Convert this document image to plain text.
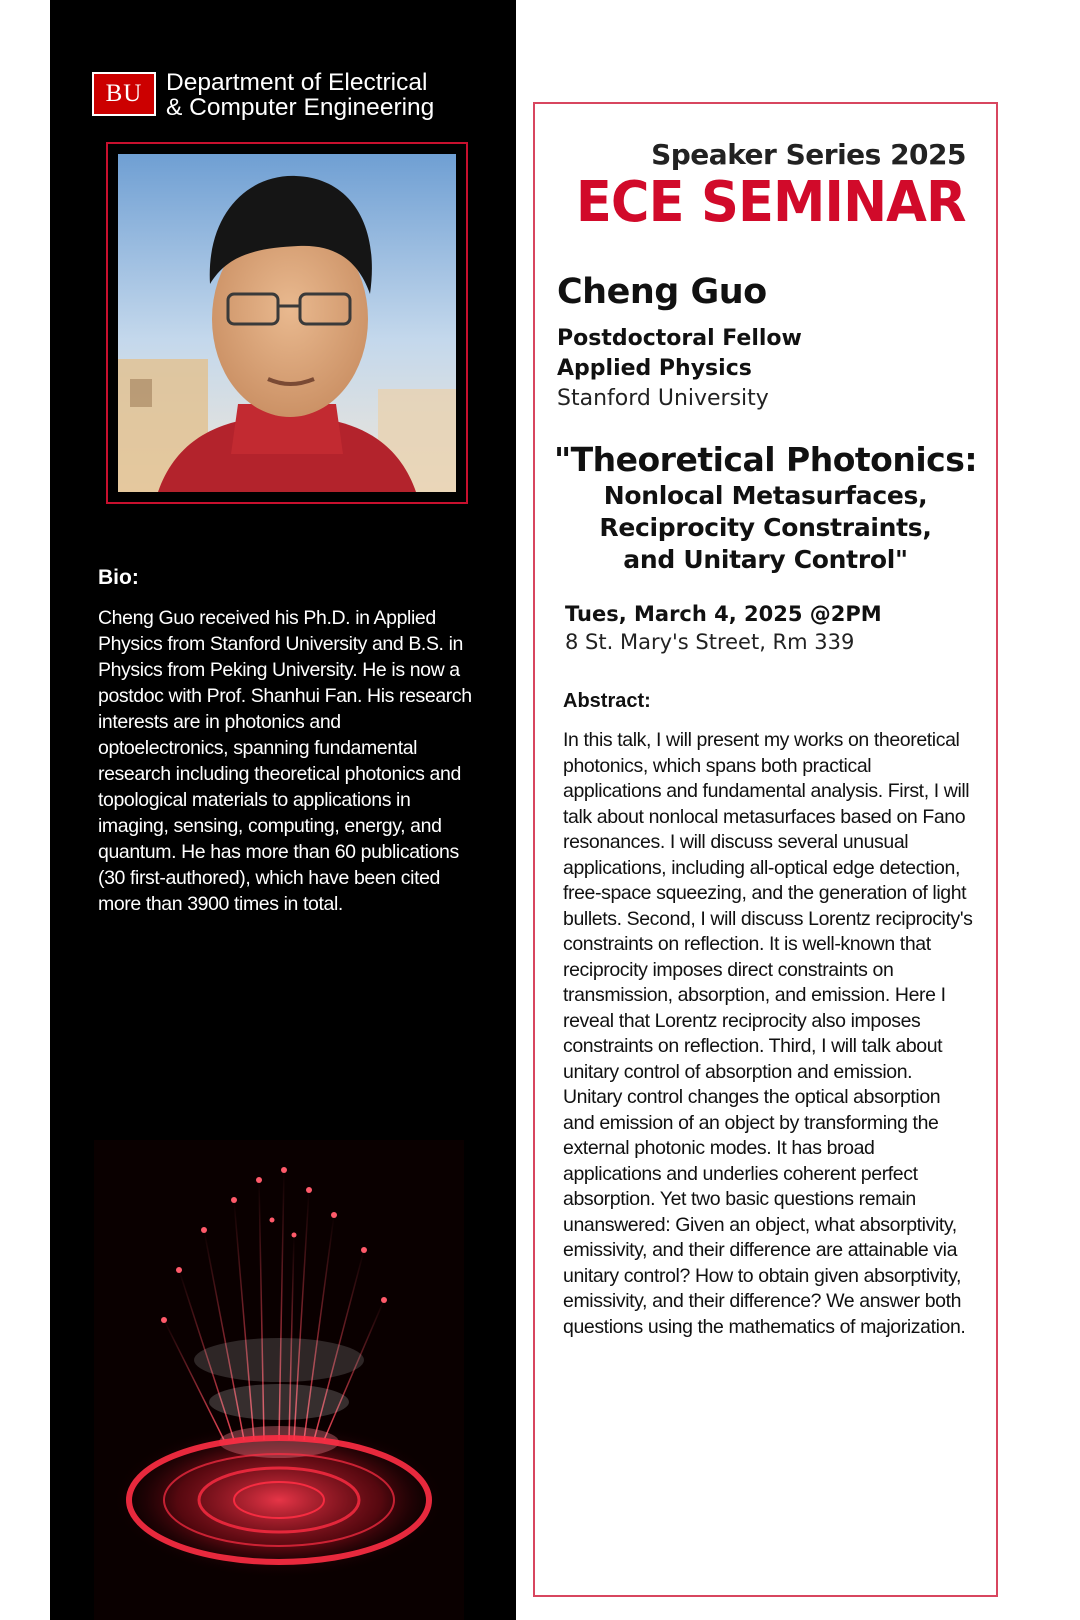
BU Department of Electrical
& Computer Engineering
Bio:
Cheng Guo received his Ph.D. in Applied Physics from Stanford University and B.S. in Physics from Peking University. He is now a postdoc with Prof. Shanhui Fan. His research interests are in photonics and optoelectronics, spanning fundamental research including theoretical photonics and topological materials to applications in imaging, sensing, computing, energy, and quantum. He has more than 60 publications (30 first-authored), which have been cited more than 3900 times in total.
Speaker Series 2025
ECE SEMINAR
Cheng Guo
Postdoctoral Fellow
Applied Physics
Stanford University
"Theoretical Photonics:
Nonlocal Metasurfaces,
Reciprocity Constraints,
and Unitary Control"
Tues, March 4, 2025 @2PM
8 St. Mary's Street, Rm 339
Abstract:
In this talk, I will present my works on theoretical photonics, which spans both practical applications and fundamental analysis. First, I will talk about nonlocal metasurfaces based on Fano resonances. I will discuss several unusual applications, including all-optical edge detection, free-space squeezing, and the generation of light bullets. Second, I will discuss Lorentz reciprocity's constraints on reflection. It is well-known that reciprocity imposes direct constraints on transmission, absorption, and emission. Here I reveal that Lorentz reciprocity also imposes constraints on reflection. Third, I will talk about unitary control of absorption and emission. Unitary control changes the optical absorption and emission of an object by transforming the external photonic modes. It has broad applications and underlies coherent perfect absorption. Yet two basic questions remain unanswered: Given an object, what absorptivity, emissivity, and their difference are attainable via unitary control? How to obtain given absorptivity, emissivity, and their difference? We answer both questions using the mathematics of majorization.
